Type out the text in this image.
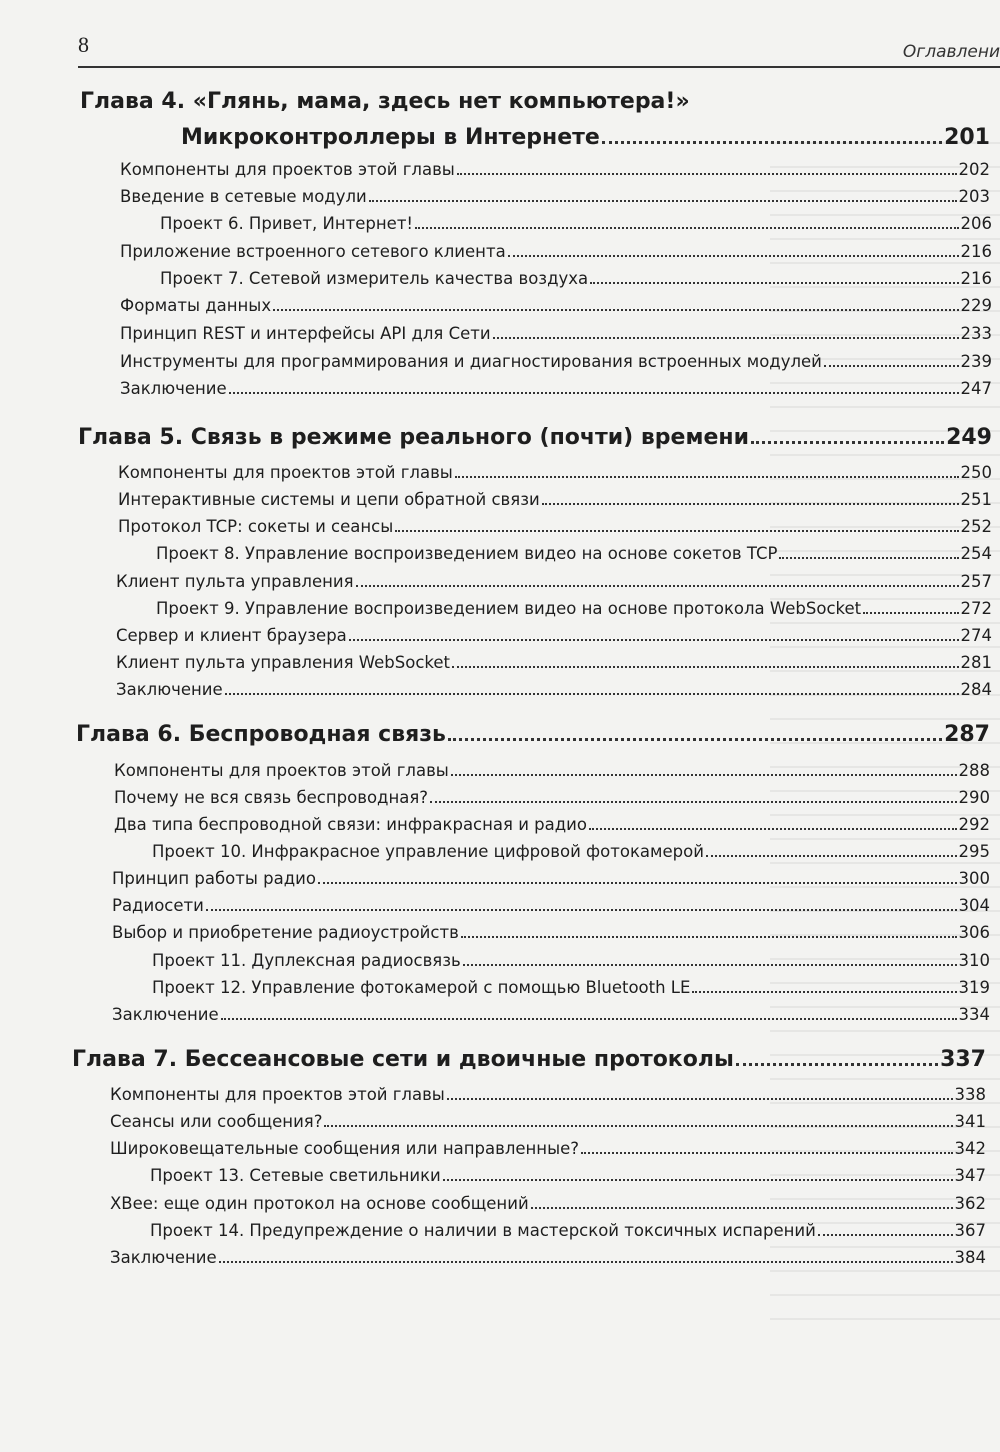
8	Оглавлени
Глава 4. «Глянь, мама, здесь нет компьютера!»
Микроконтроллеры в Интернете	201
Компоненты для проектов этой главы	202
Введение в сетевые модули	203
Проект 6. Привет, Интернет!	206
Приложение встроенного сетевого клиента	216
Проект 7. Сетевой измеритель качества воздуха	216
Форматы данных	229
Принцип REST и интерфейсы API для Сети	233
Инструменты для программирования и диагностирования встроенных модулей	239
Заключение	247
Глава 5. Связь в режиме реального (почти) времени	249
Компоненты для проектов этой главы	250
Интерактивные системы и цепи обратной связи	251
Протокол TCP: сокеты и сеансы	252
Проект 8. Управление воспроизведением видео на основе сокетов TCP	254
Клиент пульта управления	257
Проект 9. Управление воспроизведением видео на основе протокола WebSocket	272
Сервер и клиент браузера	274
Клиент пульта управления WebSocket	281
Заключение	284
Глава 6. Беспроводная связь	287
Компоненты для проектов этой главы	288
Почему не вся связь беспроводная?	290
Два типа беспроводной связи: инфракрасная и радио	292
Проект 10. Инфракрасное управление цифровой фотокамерой	295
Принцип работы радио	300
Радиосети	304
Выбор и приобретение радиоустройств	306
Проект 11. Дуплексная радиосвязь	310
Проект 12. Управление фотокамерой с помощью Bluetooth LE	319
Заключение	334
Глава 7. Бессеансовые сети и двоичные протоколы	337
Компоненты для проектов этой главы	338
Сеансы или сообщения?	341
Широковещательные сообщения или направленные?	342
Проект 13. Сетевые светильники	347
XBee: еще один протокол на основе сообщений	362
Проект 14. Предупреждение о наличии в мастерской токсичных испарений	367
Заключение	384
